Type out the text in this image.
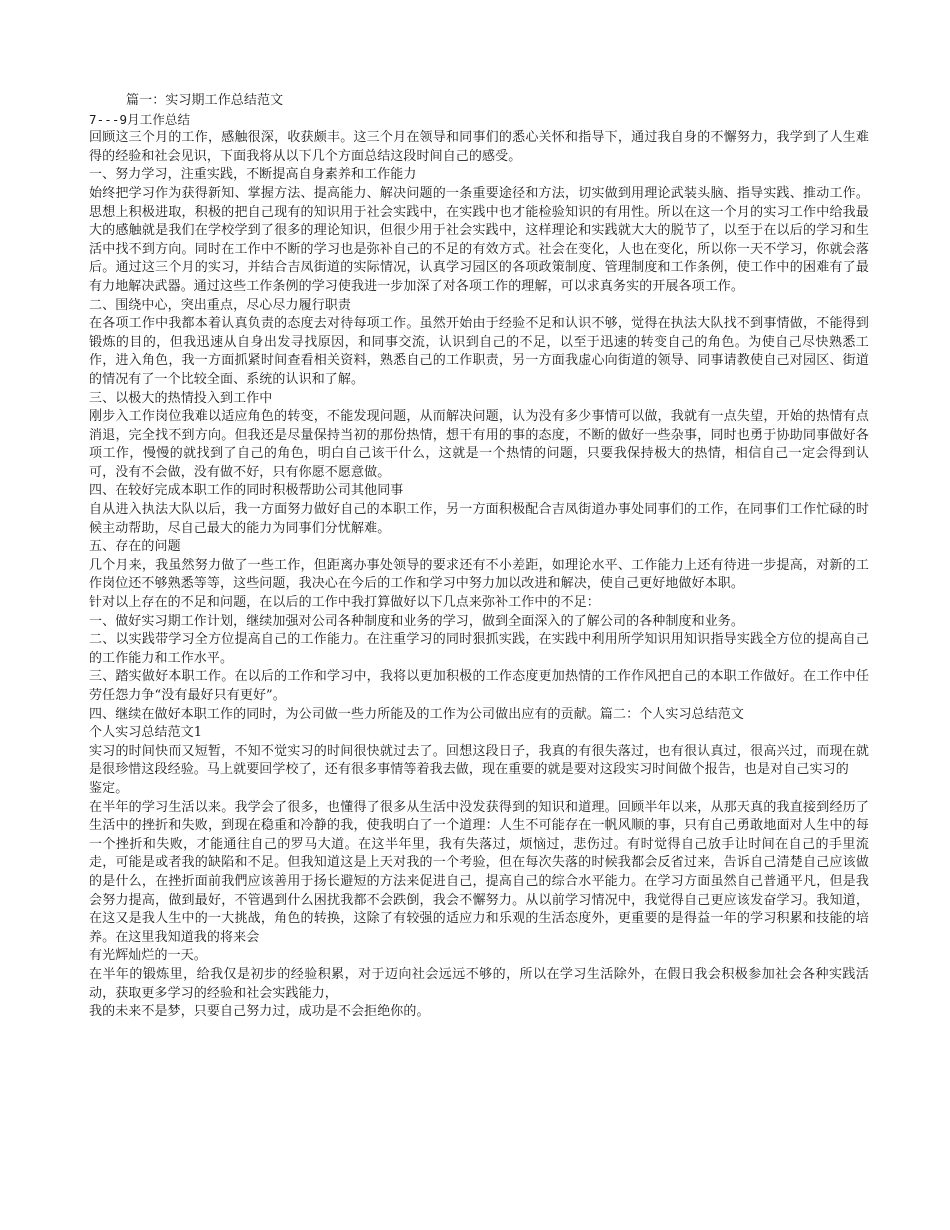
篇一：实习期工作总结范文

7---9月工作总结

回顾这三个月的工作，感触很深，收获颇丰。这三个月在领导和同事们的悉心关怀和指导下，通过我自身的不懈努力，我学到了人生难得的经验和社会见识，下面我将从以下几个方面总结这段时间自己的感受。

一、努力学习，注重实践，不断提高自身素养和工作能力

始终把学习作为获得新知、掌握方法、提高能力、解决问题的一条重要途径和方法，切实做到用理论武装头脑、指导实践、推动工作。思想上积极进取，积极的把自己现有的知识用于社会实践中，在实践中也才能检验知识的有用性。所以在这一个月的实习工作中给我最大的感触就是我们在学校学到了很多的理论知识，但很少用于社会实践中，这样理论和实践就大大的脱节了，以至于在以后的学习和生活中找不到方向。同时在工作中不断的学习也是弥补自己的不足的有效方式。社会在变化，人也在变化，所以你一天不学习，你就会落后。通过这三个月的实习，并结合吉凤街道的实际情况，认真学习园区的各项政策制度、管理制度和工作条例，使工作中的困难有了最有力地解决武器。通过这些工作条例的学习使我进一步加深了对各项工作的理解，可以求真务实的开展各项工作。

二、围绕中心，突出重点，尽心尽力履行职责

在各项工作中我都本着认真负责的态度去对待每项工作。虽然开始由于经验不足和认识不够，觉得在执法大队找不到事情做，不能得到锻炼的目的，但我迅速从自身出发寻找原因，和同事交流，认识到自己的不足，以至于迅速的转变自己的角色。为使自己尽快熟悉工作，进入角色，我一方面抓紧时间查看相关资料，熟悉自己的工作职责，另一方面我虚心向街道的领导、同事请教使自己对园区、街道的情况有了一个比较全面、系统的认识和了解。

三、以极大的热情投入到工作中

刚步入工作岗位我难以适应角色的转变，不能发现问题，从而解决问题，认为没有多少事情可以做，我就有一点失望，开始的热情有点消退，完全找不到方向。但我还是尽量保持当初的那份热情，想干有用的事的态度，不断的做好一些杂事，同时也勇于协助同事做好各项工作，慢慢的就找到了自己的角色，明白自己该干什么，这就是一个热情的问题，只要我保持极大的热情，相信自己一定会得到认可，没有不会做，没有做不好，只有你愿不愿意做。

四、在较好完成本职工作的同时积极帮助公司其他同事

自从进入执法大队以后，我一方面努力做好自己的本职工作，另一方面积极配合吉凤街道办事处同事们的工作，在同事们工作忙碌的时候主动帮助，尽自己最大的能力为同事们分忧解难。

五、存在的问题

几个月来，我虽然努力做了一些工作，但距离办事处领导的要求还有不小差距，如理论水平、工作能力上还有待进一步提高，对新的工作岗位还不够熟悉等等，这些问题，我决心在今后的工作和学习中努力加以改进和解决，使自己更好地做好本职。

针对以上存在的不足和问题，在以后的工作中我打算做好以下几点来弥补工作中的不足：

一、做好实习期工作计划，继续加强对公司各种制度和业务的学习，做到全面深入的了解公司的各种制度和业务。

二、以实践带学习全方位提高自己的工作能力。在注重学习的同时狠抓实践，在实践中利用所学知识用知识指导实践全方位的提高自己的工作能力和工作水平。

三、踏实做好本职工作。在以后的工作和学习中，我将以更加积极的工作态度更加热情的工作作风把自己的本职工作做好。在工作中任劳任怨力争“没有最好只有更好”。

四、继续在做好本职工作的同时，为公司做一些力所能及的工作为公司做出应有的贡献。篇二：个人实习总结范文

个人实习总结范文1

实习的时间快而又短暂，不知不觉实习的时间很快就过去了。回想这段日子，我真的有很失落过，也有很认真过，很高兴过，而现在就是很珍惜这段经验。马上就要回学校了，还有很多事情等着我去做，现在重要的就是要对这段实习时间做个报告，也是对自己实习的

鉴定。

在半年的学习生活以来。我学会了很多，也懂得了很多从生活中没发获得到的知识和道理。回顾半年以来，从那天真的我直接到经历了生活中的挫折和失败，到现在稳重和冷静的我，使我明白了一个道理：人生不可能存在一帆风顺的事，只有自己勇敢地面对人生中的每一个挫折和失败，才能通往自己的罗马大道。在这半年里，我有失落过，烦恼过，悲伤过。有时觉得自己放手让时间在自己的手里流走，可能是或者我的缺陷和不足。但我知道这是上天对我的一个考验，但在每次失落的时候我都会反省过来，告诉自己清楚自己应该做的是什么，在挫折面前我們应该善用于扬长避短的方法来促进自己，提高自己的综合水平能力。在学习方面虽然自己普通平凡，但是我会努力提高，做到最好，不管遇到什么困扰我都不会跌倒，我会不懈努力。从以前学习情况中，我觉得自己更应该发奋学习。我知道，在这又是我人生中的一大挑战，角色的转换，这除了有较强的适应力和乐观的生活态度外，更重要的是得益一年的学习积累和技能的培养。在这里我知道我的将来会

有光辉灿烂的一天。

在半年的锻炼里，给我仅是初步的经验积累，对于迈向社会远远不够的，所以在学习生活除外，在假日我会积极参加社会各种实践活动，获取更多学习的经验和社会实践能力，

我的未来不是梦，只要自己努力过，成功是不会拒绝你的。
